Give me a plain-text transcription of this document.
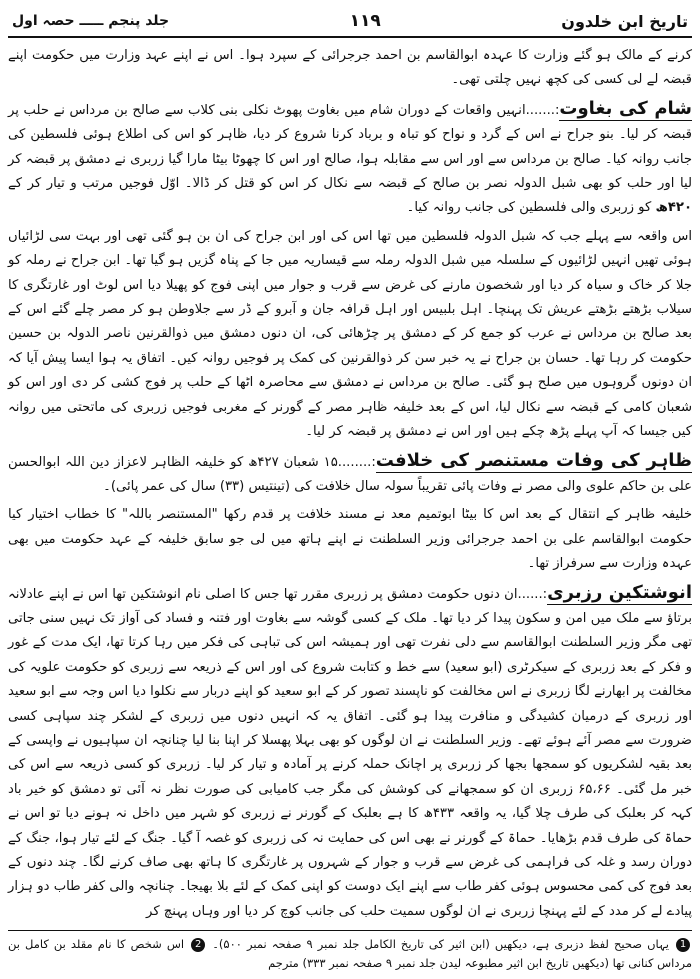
تاریخ ابن خلدون
۱۱۹
جلد پنجم ـــــ حصہ اول

کرنے کے مالک ہو گئے وزارت کا عہدہ ابوالقاسم بن احمد جرجرائی کے سپرد ہوا۔ اس نے اپنے عہد وزارت میں حکومت اپنے قبضہ لے لی کسی کی کچھ نہیں چلتی تھی۔

شام کی بغاوت:.......انہیں واقعات کے دوران شام میں بغاوت پھوٹ نکلی بنی کلاب سے صالح بن مرداس نے حلب پر قبضہ کر لیا۔ بنو جراح نے اس کے گرد و نواح کو تباہ و برباد کرنا شروع کر دیا، ظاہر کو اس کی اطلاع ہوئی فلسطین کی جانب روانہ کیا۔ صالح بن مرداس سے اور اس سے مقابلہ ہوا، صالح اور اس کا چھوٹا بیٹا مارا گیا زربری نے دمشق پر قبضہ کر لیا اور حلب کو بھی شبل الدولہ نصر بن صالح کے قبضہ سے نکال کر اس کو قتل کر ڈالا۔ اوّل فوجیں مرتب و تیار کر کے ۴۲۰ھ کو زربری والی فلسطین کی جانب روانہ کیا۔

اس واقعہ سے پہلے جب کہ شبل الدولہ فلسطین میں تھا اس کی اور ابن جراح کی ان بن ہو گئی تھی اور بہت سی لڑائیاں ہوئی تھیں انہیں لڑائیوں کے سلسلہ میں شبل الدولہ رملہ سے قیساریہ میں جا کے پناہ گزیں ہو گیا تھا۔ ابن جراح نے رملہ کو جلا کر خاک و سیاہ کر دیا اور شخصون مارنے کی غرض سے قرب و جوار میں اپنی فوج کو پھیلا دیا اس لوٹ اور غارتگری کا سیلاب بڑھتے بڑھتے عریش تک پہنچا۔ اہل بلبیس اور اہل قرافہ جان و آبرو کے ڈر سے جلاوطن ہو کر مصر چلے گئے اس کے بعد صالح بن مرداس نے عرب کو جمع کر کے دمشق پر چڑھائی کی، ان دنوں دمشق میں ذوالقرنین ناصر الدولہ بن حسین حکومت کر رہا تھا۔ حسان بن جراح نے یہ خبر سن کر ذوالقرنین کی کمک پر فوجیں روانہ کیں۔ اتفاق یہ ہوا ایسا پیش آیا کہ ان دونوں گروہوں میں صلح ہو گئی۔ صالح بن مرداس نے دمشق سے محاصرہ اٹھا کے حلب پر فوج کشی کر دی اور اس کو شعبان کامی کے قبضہ سے نکال لیا، اس کے بعد خلیفہ ظاہر مصر کے گورنر کے مغربی فوجیں زربری کی ماتحتی میں روانہ کیں جیسا کہ آپ پہلے پڑھ چکے ہیں اور اس نے دمشق پر قبضہ کر لیا۔

ظاہر کی وفات مستنصر کی خلافت:........۱۵ شعبان ۴۲۷ھ کو خلیفہ الظاہر لاعزاز دین اللہ ابوالحسن علی بن حاکم علوی والی مصر نے وفات پائی تقریباً سولہ سال خلافت کی (تینتیس (۳۳) سال کی عمر پائی)۔

خلیفہ ظاہر کے انتقال کے بعد اس کا بیٹا ابوتمیم معد نے مسند خلافت پر قدم رکھا "المستنصر باللہ" کا خطاب اختیار کیا حکومت ابوالقاسم علی بن احمد جرجرائی وزیر السلطنت نے اپنے ہاتھ میں لی جو سابق خلیفہ کے عہد حکومت میں بھی عہدہ وزارت سے سرفراز تھا۔

انوشتکین رزبری:......ان دنوں حکومت دمشق پر زربری مقرر تھا جس کا اصلی نام انوشتکین تھا اس نے اپنے عادلانہ برتاؤ سے ملک میں امن و سکون پیدا کر دیا تھا۔ ملک کے کسی گوشہ سے بغاوت اور فتنہ و فساد کی آواز تک نہیں سنی جاتی تھی مگر وزیر السلطنت ابوالقاسم سے دلی نفرت تھی اور ہمیشہ اس کی تباہی کی فکر میں رہا کرتا تھا، ایک مدت کے غور و فکر کے بعد زربری کے سیکرٹری (ابو سعید) سے خط و کتابت شروع کی اور اس کے ذریعہ سے زربری کو حکومت علویہ کی مخالفت پر ابھارنے لگا زربری نے اس مخالفت کو ناپسند تصور کر کے ابو سعید کو اپنے دربار سے نکلوا دیا اس وجہ سے ابو سعید اور زربری کے درمیان کشیدگی و منافرت پیدا ہو گئی۔ اتفاق یہ کہ انہیں دنوں میں زربری کے لشکر چند سپاہی کسی ضرورت سے مصر آئے ہوئے تھے۔ وزیر السلطنت نے ان لوگوں کو بھی بہلا پھسلا کر اپنا بنا لیا چنانچہ ان سپاہیوں نے واپسی کے بعد بقیہ لشکریوں کو سمجھا بجھا کر زربری پر اچانک حملہ کرنے پر آمادہ و تیار کر لیا۔ زربری کو کسی ذریعہ سے اس کی خبر مل گئی۔ ۶۵،۶۶ زربری ان کو سمجھانے کی کوشش کی مگر جب کامیابی کی صورت نظر نہ آئی تو دمشق کو خیر باد کہہ کر بعلبک کی طرف چلا گیا، یہ واقعہ ۴۳۳ھ کا ہے بعلبک کے گورنر نے زربری کو شہر میں داخل نہ ہونے دیا تو اس نے حماۃ کی طرف قدم بڑھایا۔ حماۃ کے گورنر نے بھی اس کی حمایت نہ کی زربری کو غصہ آ گیا۔ جنگ کے لئے تیار ہوا، جنگ کے دوران رسد و غلہ کی فراہمی کی غرض سے قرب و جوار کے شہروں پر غارتگری کا ہاتھ بھی صاف کرنے لگا۔ چند دنوں کے بعد فوج کی کمی محسوس ہوئی کفر طاب سے اپنے ایک دوست کو اپنی کمک کے لئے بلا بھیجا۔ چنانچہ والی کفر طاب دو ہزار پیادے لے کر مدد کے لئے پہنچا زربری نے ان لوگوں سمیت حلب کی جانب کوچ کر دیا اور وہاں پہنچ کر

1 یہاں صحیح لفظ دزبری ہے، دیکھیں (ابن اثیر کی تاریخ الکامل جلد نمبر ۹ صفحہ نمبر ۵۰۰)۔ 2 اس شخص کا نام مقلد بن کامل بن مرداس کنانی تھا (دیکھیں تاریخ ابن اثیر مطبوعہ لیدن جلد نمبر ۹ صفحہ نمبر ۳۳۳) مترجم
